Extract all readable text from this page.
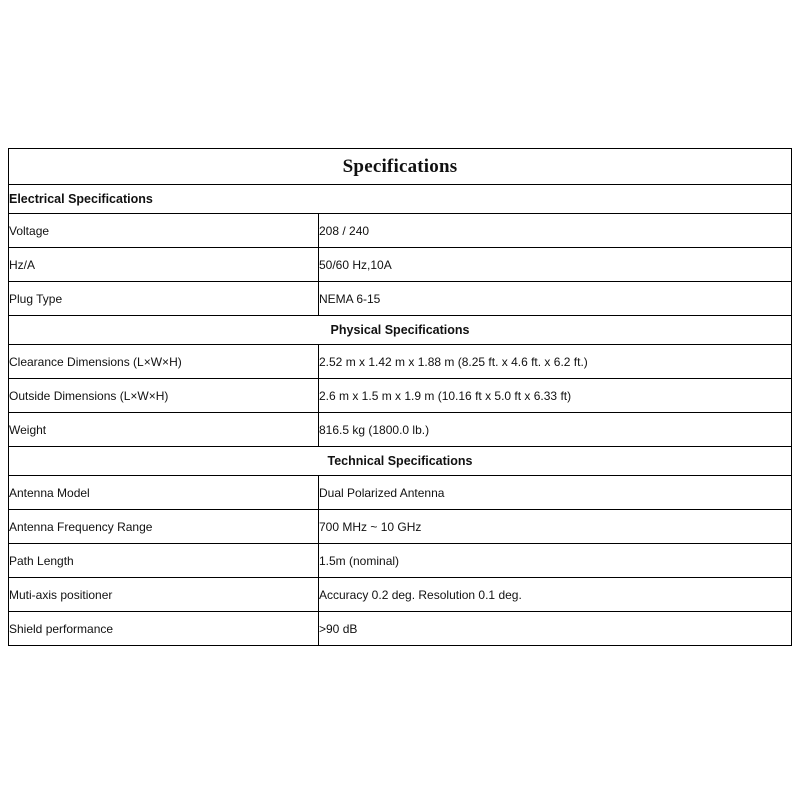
Specifications	
Electrical Specifications	
Voltage	208 / 240
Hz/A	50/60 Hz,10A
Plug Type	NEMA 6-15
Physical Specifications	
Clearance Dimensions (L×W×H)	2.52 m x 1.42 m x 1.88 m (8.25 ft. x 4.6 ft. x 6.2 ft.)
Outside Dimensions (L×W×H)	2.6 m x 1.5 m x 1.9 m (10.16 ft x 5.0 ft x 6.33 ft)
Weight	816.5 kg (1800.0 lb.)
Technical Specifications	
Antenna Model	Dual Polarized Antenna
Antenna Frequency Range	700 MHz ~ 10 GHz
Path Length	1.5m (nominal)
Muti-axis positioner	Accuracy 0.2 deg. Resolution 0.1 deg.
Shield performance	>90 dB
